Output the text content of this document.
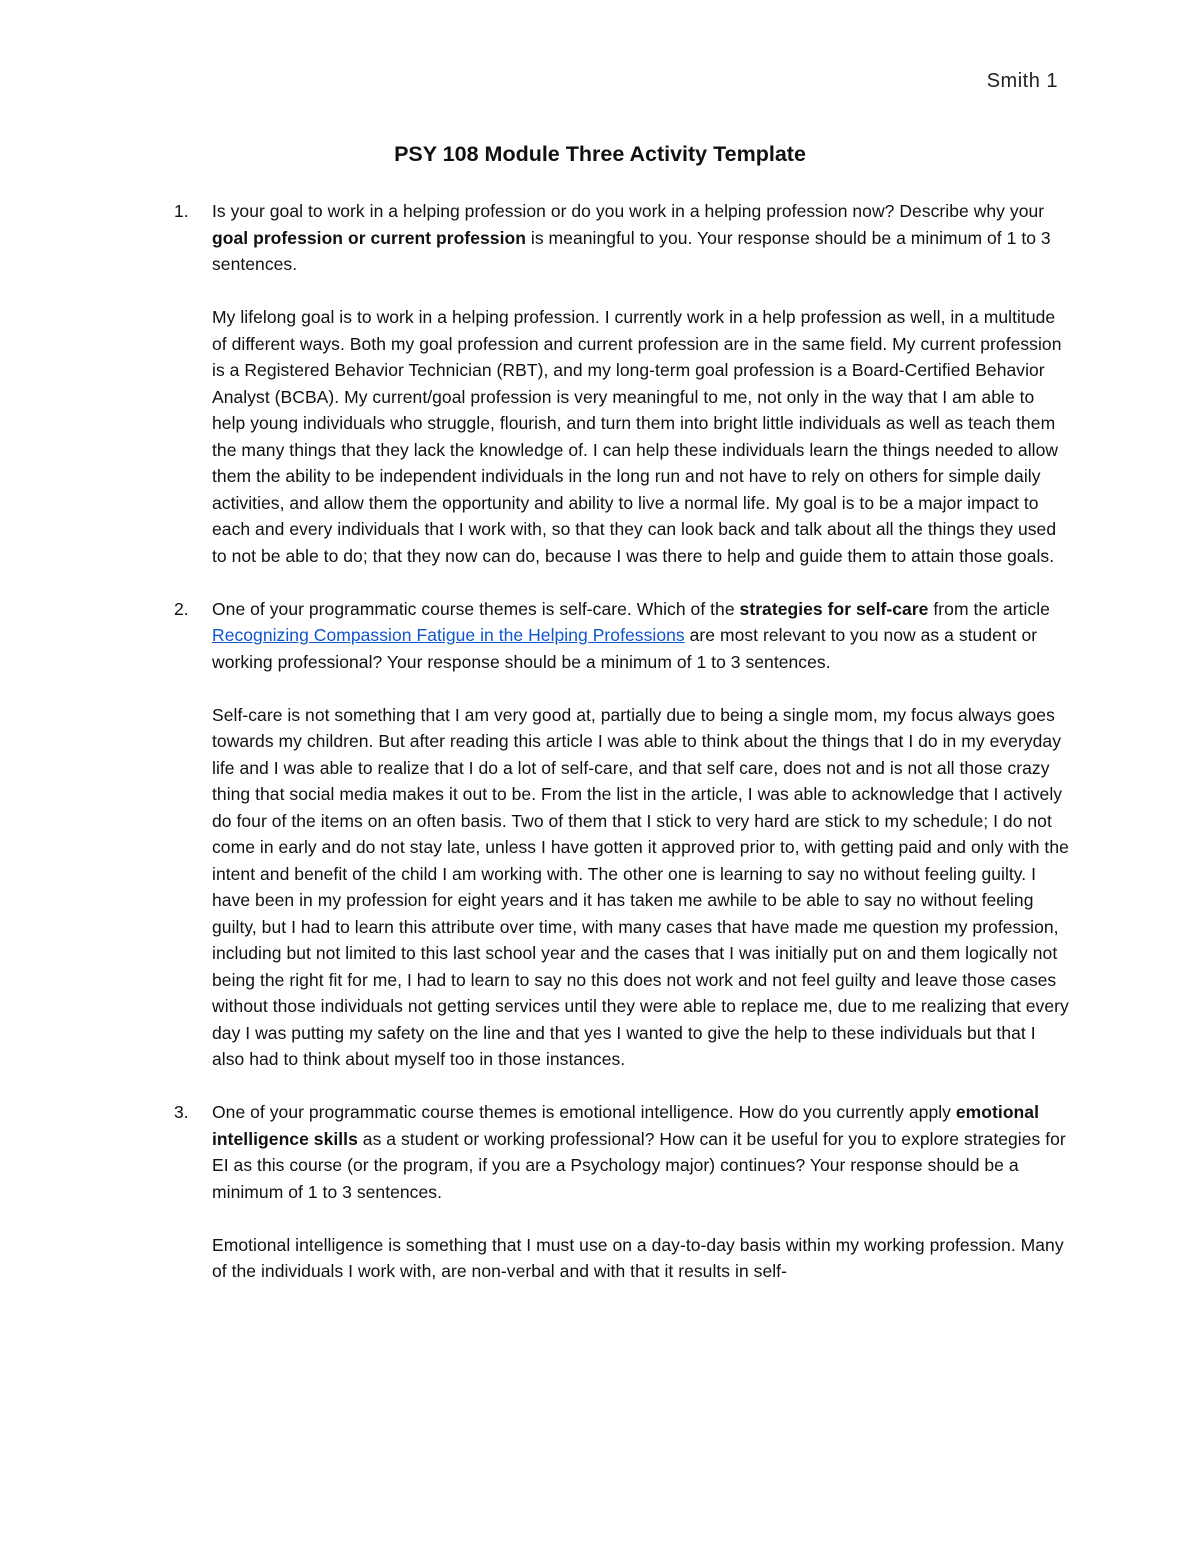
Smith 1
PSY 108 Module Three Activity Template
1. Is your goal to work in a helping profession or do you work in a helping profession now? Describe why your goal profession or current profession is meaningful to you. Your response should be a minimum of 1 to 3 sentences.

My lifelong goal is to work in a helping profession. I currently work in a help profession as well, in a multitude of different ways. Both my goal profession and current profession are in the same field. My current profession is a Registered Behavior Technician (RBT), and my long-term goal profession is a Board-Certified Behavior Analyst (BCBA). My current/goal profession is very meaningful to me, not only in the way that I am able to help young individuals who struggle, flourish, and turn them into bright little individuals as well as teach them the many things that they lack the knowledge of. I can help these individuals learn the things needed to allow them the ability to be independent individuals in the long run and not have to rely on others for simple daily activities, and allow them the opportunity and ability to live a normal life. My goal is to be a major impact to each and every individuals that I work with, so that they can look back and talk about all the things they used to not be able to do; that they now can do, because I was there to help and guide them to attain those goals.

2. One of your programmatic course themes is self-care. Which of the strategies for self-care from the article Recognizing Compassion Fatigue in the Helping Professions are most relevant to you now as a student or working professional? Your response should be a minimum of 1 to 3 sentences.

Self-care is not something that I am very good at, partially due to being a single mom, my focus always goes towards my children. But after reading this article I was able to think about the things that I do in my everyday life and I was able to realize that I do a lot of self-care, and that self care, does not and is not all those crazy thing that social media makes it out to be. From the list in the article, I was able to acknowledge that I actively do four of the items on an often basis. Two of them that I stick to very hard are stick to my schedule; I do not come in early and do not stay late, unless I have gotten it approved prior to, with getting paid and only with the intent and benefit of the child I am working with. The other one is learning to say no without feeling guilty. I have been in my profession for eight years and it has taken me awhile to be able to say no without feeling guilty, but I had to learn this attribute over time, with many cases that have made me question my profession, including but not limited to this last school year and the cases that I was initially put on and them logically not being the right fit for me, I had to learn to say no this does not work and not feel guilty and leave those cases without those individuals not getting services until they were able to replace me, due to me realizing that every day I was putting my safety on the line and that yes I wanted to give the help to these individuals but that I also had to think about myself too in those instances.

3. One of your programmatic course themes is emotional intelligence. How do you currently apply emotional intelligence skills as a student or working professional? How can it be useful for you to explore strategies for EI as this course (or the program, if you are a Psychology major) continues? Your response should be a minimum of 1 to 3 sentences.

Emotional intelligence is something that I must use on a day-to-day basis within my working profession. Many of the individuals I work with, are non-verbal and with that it results in self-
